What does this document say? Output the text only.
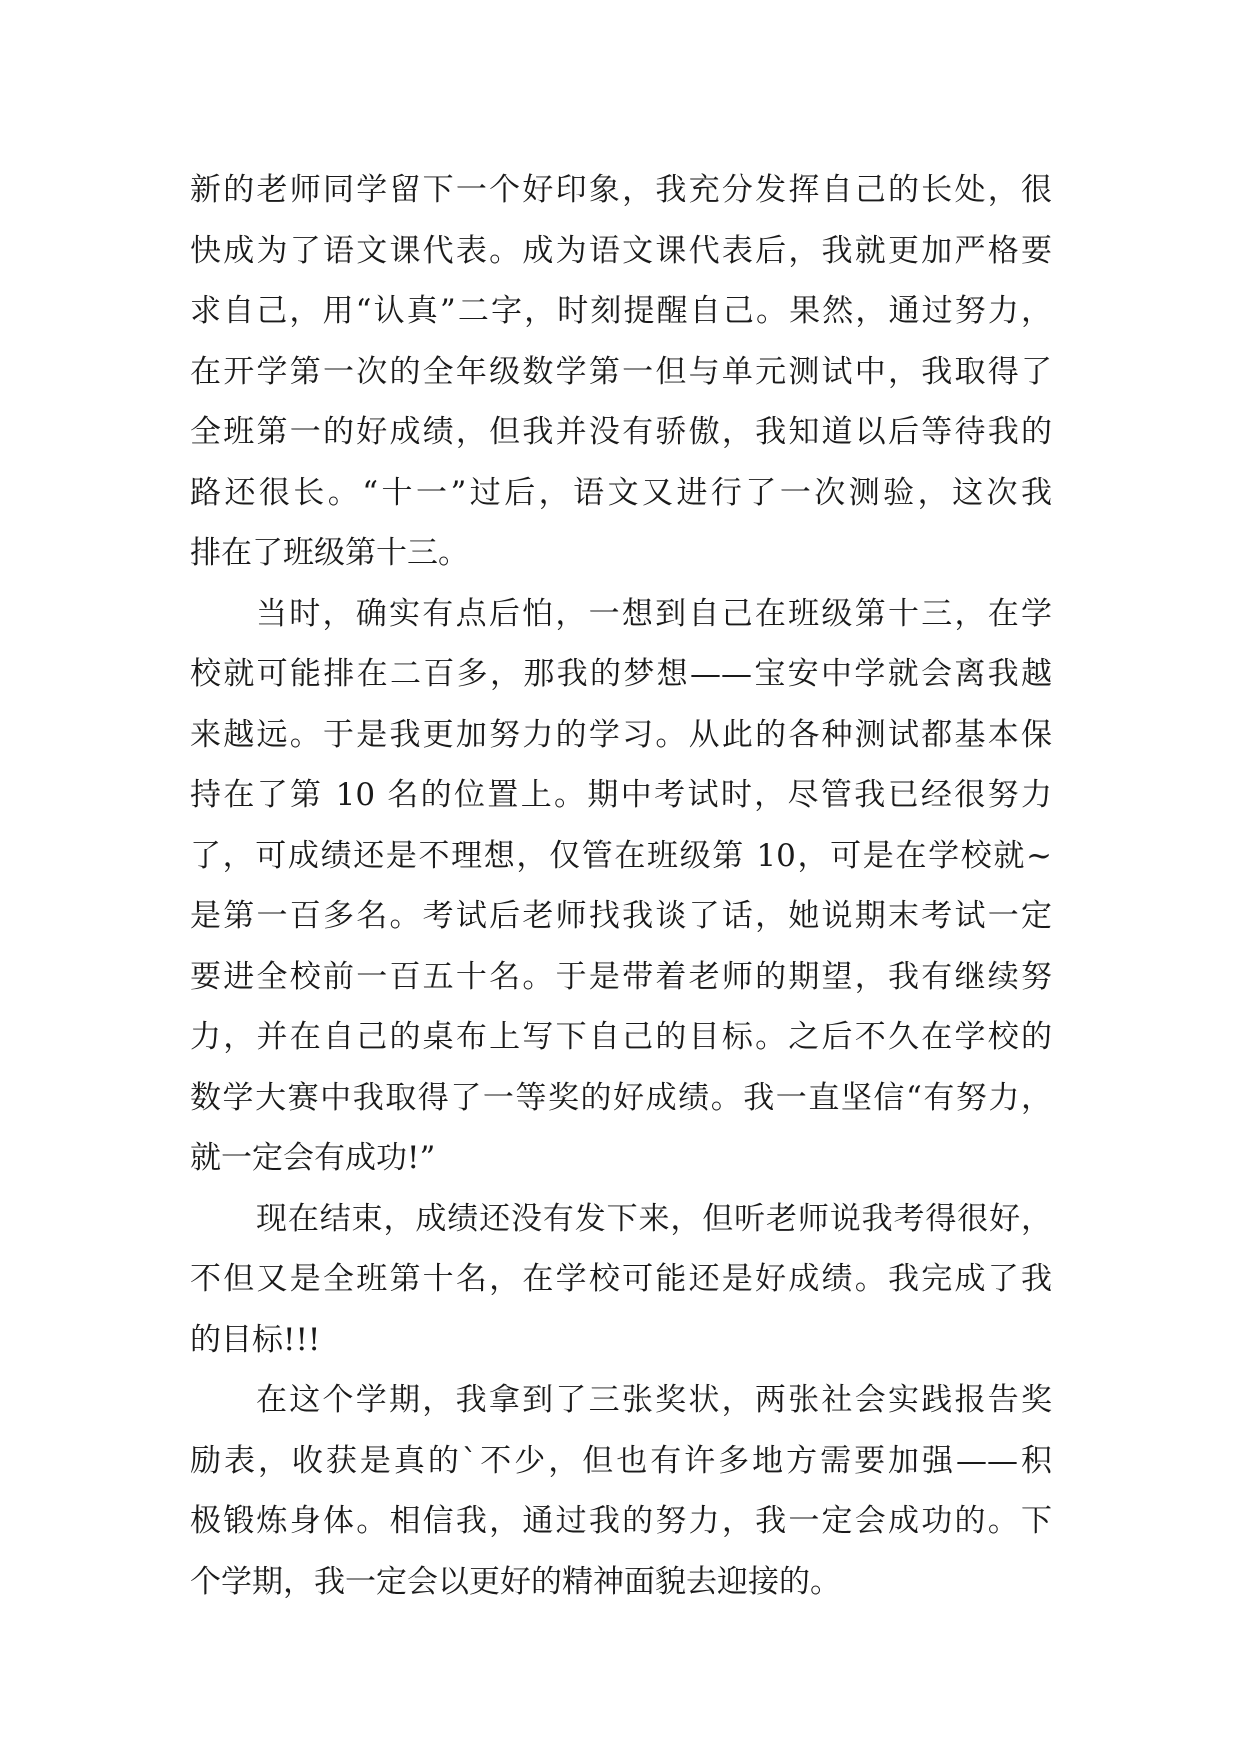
新的老师同学留下一个好印象，我充分发挥自己的长处，很
快成为了语文课代表。成为语文课代表后，我就更加严格要
求自己，用“认真”二字，时刻提醒自己。果然，通过努力，
在开学第一次的全年级数学第一但与单元测试中，我取得了
全班第一的好成绩，但我并没有骄傲，我知道以后等待我的
路还很长。“十一”过后，语文又进行了一次测验，这次我
排在了班级第十三。
当时，确实有点后怕，一想到自己在班级第十三，在学
校就可能排在二百多，那我的梦想——宝安中学就会离我越
来越远。于是我更加努力的学习。从此的各种测试都基本保
持在了第 10 名的位置上。期中考试时，尽管我已经很努力
了，可成绩还是不理想，仅管在班级第 10，可是在学校就~
是第一百多名。考试后老师找我谈了话，她说期末考试一定
要进全校前一百五十名。于是带着老师的期望，我有继续努
力，并在自己的桌布上写下自己的目标。之后不久在学校的
数学大赛中我取得了一等奖的好成绩。我一直坚信“有努力，
就一定会有成功!”
现在结束，成绩还没有发下来，但听老师说我考得很好，
不但又是全班第十名，在学校可能还是好成绩。我完成了我
的目标!!!
在这个学期，我拿到了三张奖状，两张社会实践报告奖
励表，收获是真的`不少，但也有许多地方需要加强——积
极锻炼身体。相信我，通过我的努力，我一定会成功的。下
个学期，我一定会以更好的精神面貌去迎接的。
